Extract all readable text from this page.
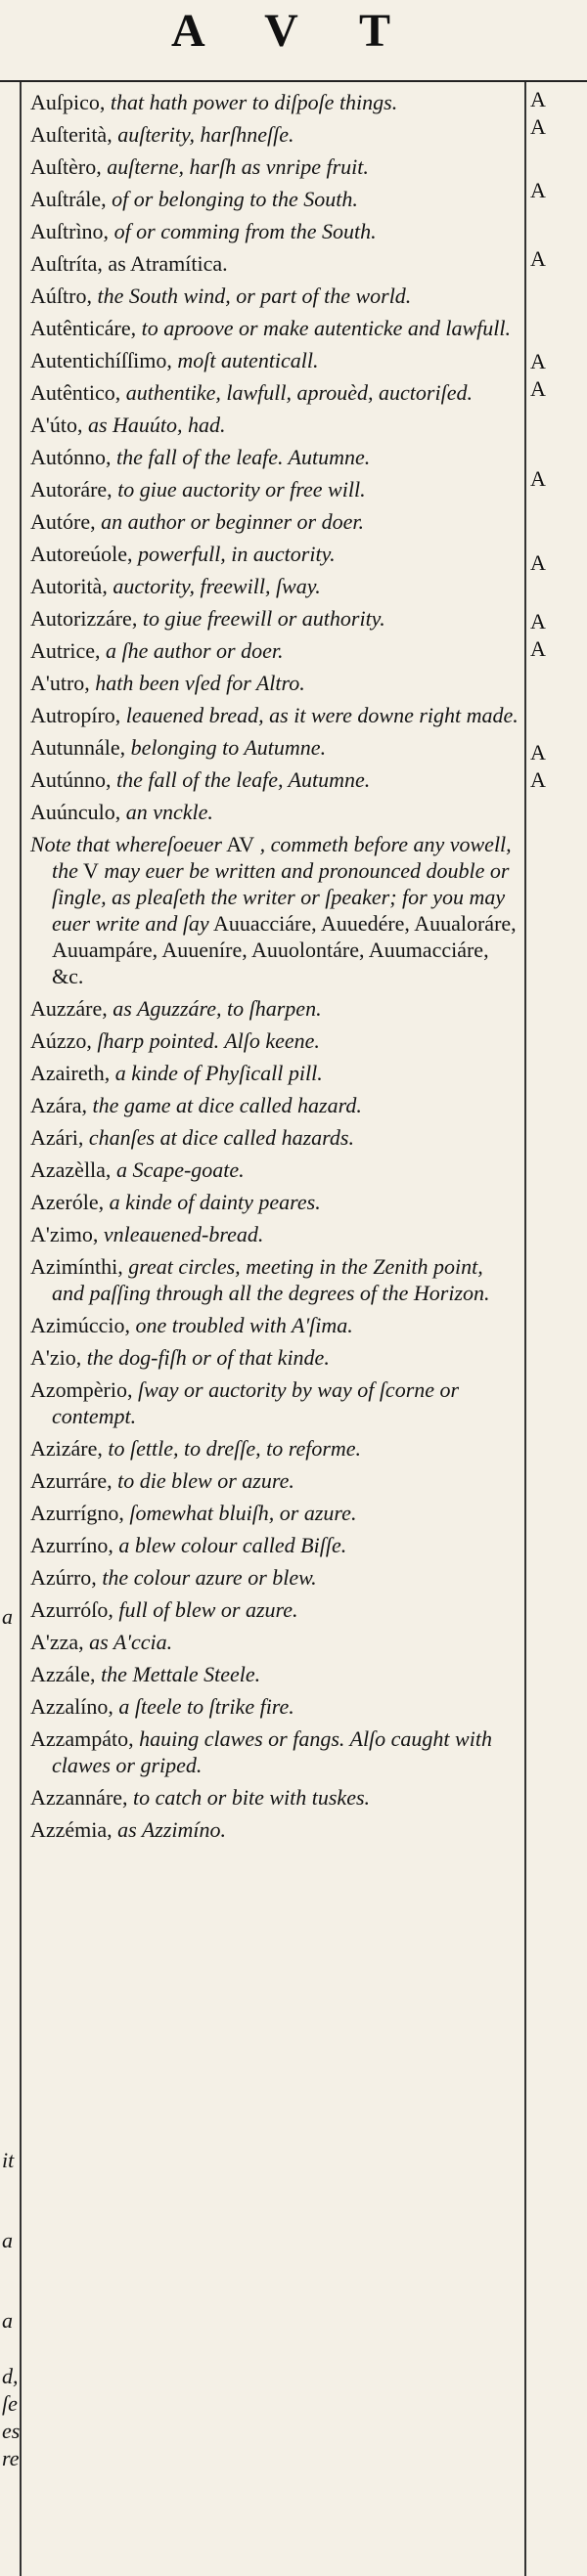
A V T
Auſpico, that hath power to diſpoſe things.
Auſterità, auſterity, harſhneſſe.
Auſtèro, auſterne, harſh as vnripe fruit.
Auſtrále, of or belonging to the South.
Auſtrìno, of or comming from the South.
Auſtríta, as Atramítica.
Aúſtro, the South wind, or part of the world.
Autênticáre, to aproove or make autenticke and lawfull.
Autentichíſſimo, moſt autenticall.
Autêntico, authentike, lawfull, aprouèd, auctoriſed.
A'úto, as Hauúto, had.
Autónno, the fall of the leafe. Autumne.
Autoráre, to giue auctority or free will.
Autóre, an author or beginner or doer.
Autoreúole, powerfull, in auctority.
Autorità, auctority, freewill, ſway.
Autorizzáre, to giue freewill or authority.
Autrice, a ſhe author or doer.
A'utro, hath been vſed for Altro.
Autropíro, leauened bread, as it were downe right made.
Autunnále, belonging to Autumne.
Autúnno, the fall of the leafe, Autumne.
Auúnculo, an vnckle.
Note that whereſoeuer AV , commeth before any vowell, the V may euer be written and pronounced double or ſingle, as pleaſeth the writer or ſpeaker; for you may euer write and ſay Auuacciáre, Auuedére, Auualoráre, Auuampáre, Auueníre, Auuolontáre, Auumacciáre, &c.
Auzzáre, as Aguzzáre, to ſharpen.
Aúzzo, ſharp pointed. Alſo keene.
Azaireth, a kinde of Phyſicall pill.
Azára, the game at dice called hazard.
Azári, chanſes at dice called hazards.
Azazèlla, a Scape-goate.
Azeróle, a kinde of dainty peares.
A'zimo, vnleauened-bread.
Azimínthi, great circles, meeting in the Zenith point, and paſſing through all the degrees of the Horizon.
Azimúccio, one troubled with A'ſima.
A'zio, the dog-fiſh or of that kinde.
Azompèrio, ſway or auctority by way of ſcorne or contempt.
Azizáre, to ſettle, to dreſſe, to reforme.
Azurráre, to die blew or azure.
Azurrígno, ſomewhat bluiſh, or azure.
Azurríno, a blew colour called Biſſe.
Azúrro, the colour azure or blew.
Azurróſo, full of blew or azure.
A'zza, as A'ccia.
Azzále, the Mettale Steele.
Azzalíno, a ſteele to ſtrike fire.
Azzampáto, hauing clawes or fangs. Alſo caught with clawes or griped.
Azzannáre, to catch or bite with tuskes.
Azzémia, as Azzimíno.
a
it
a
a
d,
ſe
es
re
A
A
A
A
A
A
A
A
A
A
A
A
